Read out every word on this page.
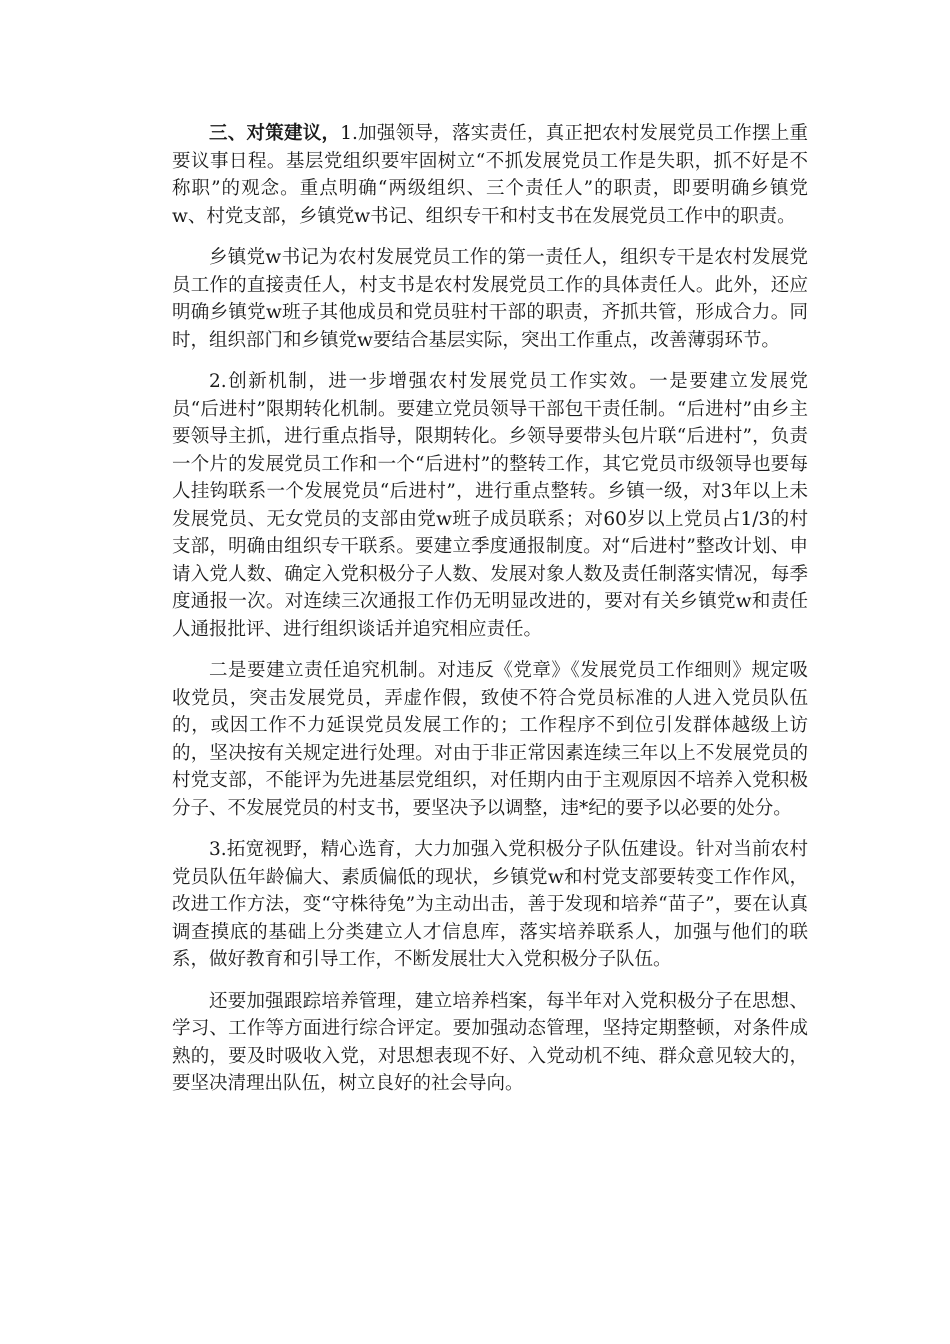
三、对策建议，1.加强领导，落实责任，真正把农村发展党员工作摆上重要议事日程。基层党组织要牢固树立“不抓发展党员工作是失职，抓不好是不称职”的观念。重点明确“两级组织、三个责任人”的职责，即要明确乡镇党w、村党支部，乡镇党w书记、组织专干和村支书在发展党员工作中的职责。

乡镇党w书记为农村发展党员工作的第一责任人，组织专干是农村发展党员工作的直接责任人，村支书是农村发展党员工作的具体责任人。此外，还应明确乡镇党w班子其他成员和党员驻村干部的职责，齐抓共管，形成合力。同时，组织部门和乡镇党w要结合基层实际，突出工作重点，改善薄弱环节。

2.创新机制，进一步增强农村发展党员工作实效。一是要建立发展党员“后进村”限期转化机制。要建立党员领导干部包干责任制。“后进村”由乡主要领导主抓，进行重点指导，限期转化。乡领导要带头包片联“后进村”，负责一个片的发展党员工作和一个“后进村”的整转工作，其它党员市级领导也要每人挂钩联系一个发展党员“后进村”，进行重点整转。乡镇一级，对3年以上未发展党员、无女党员的支部由党w班子成员联系；对60岁以上党员占1/3的村支部，明确由组织专干联系。要建立季度通报制度。对“后进村”整改计划、申请入党人数、确定入党积极分子人数、发展对象人数及责任制落实情况，每季度通报一次。对连续三次通报工作仍无明显改进的，要对有关乡镇党w和责任人通报批评、进行组织谈话并追究相应责任。

二是要建立责任追究机制。对违反《党章》《发展党员工作细则》规定吸收党员，突击发展党员，弄虚作假，致使不符合党员标准的人进入党员队伍的，或因工作不力延误党员发展工作的；工作程序不到位引发群体越级上访的，坚决按有关规定进行处理。对由于非正常因素连续三年以上不发展党员的村党支部，不能评为先进基层党组织，对任期内由于主观原因不培养入党积极分子、不发展党员的村支书，要坚决予以调整，违*纪的要予以必要的处分。

3.拓宽视野，精心选育，大力加强入党积极分子队伍建设。针对当前农村党员队伍年龄偏大、素质偏低的现状，乡镇党w和村党支部要转变工作作风，改进工作方法，变“守株待兔”为主动出击，善于发现和培养“苗子”，要在认真调查摸底的基础上分类建立人才信息库，落实培养联系人，加强与他们的联系，做好教育和引导工作，不断发展壮大入党积极分子队伍。

还要加强跟踪培养管理，建立培养档案，每半年对入党积极分子在思想、学习、工作等方面进行综合评定。要加强动态管理，坚持定期整顿，对条件成熟的，要及时吸收入党，对思想表现不好、入党动机不纯、群众意见较大的，要坚决清理出队伍，树立良好的社会导向。
